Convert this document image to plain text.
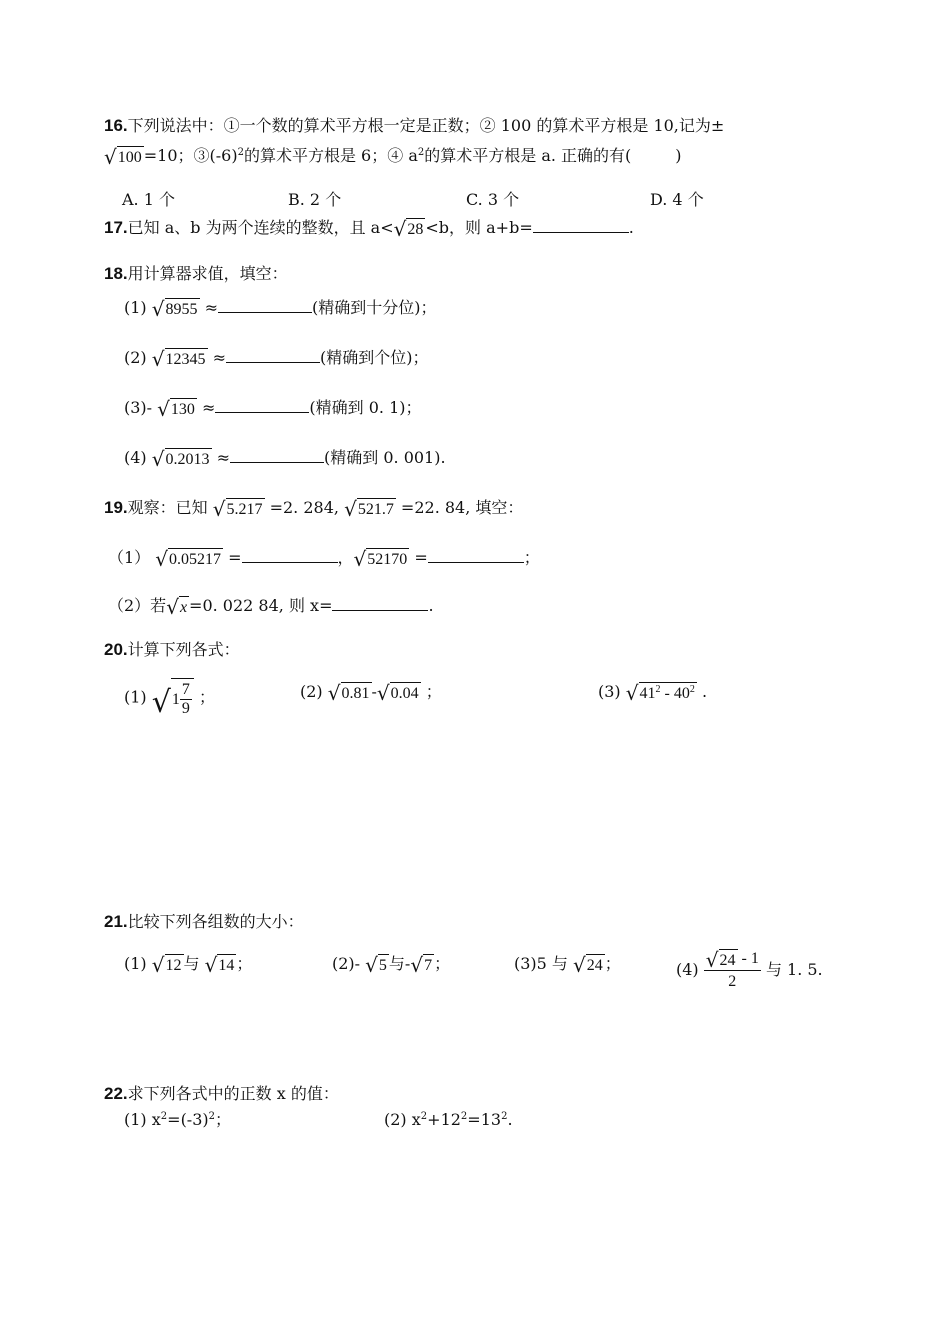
16.下列说法中：①一个数的算术平方根一定是正数；② 100 的算术平方根是 10,记为±
√ 100 =10；$③(-6)^2$的算术平方根是 6；④ $a^2$的算术平方根是 a. 正确的有(	)
A. 1 个	B. 2 个	C. 3 个	D. 4 个
17.已知 a、b 为两个连续的整数，且 a< √ 28 <b，则 a+b=	.
18.用计算器求值，填空：
(1) √ 8955 ≈	(精确到十分位)；
(2) √ 12345 ≈	(精确到个位)；
(3)- √ 130 ≈	(精确到 0. 1)；
(4) √ 0.2013 ≈	(精确到 0. 001).
19.观察：已知 √ 5.217 =2. 284, √ 521.7 =22. 84, 填空：
（1） √ 0.05217 =	， √ 52170 =	；
（2）若 √ x =0. 022 84, 则 x=	.
20.计算下列各式：
(1) √ $1 \frac{7}{9}$ ；	(2) √ 0.81 - √ 0.04 ；	(3) √ $41^2 - 40^2$ .
21.比较下列各组数的大小：
(1) √ 12 与 √ 14 ；	(2)- √ 5 与- √ 7 ；	(3)5 与 √ 24 ；	$(4) \frac{√ 24 - 1}{2}$ 与 1. 5.
22.求下列各式中的正数 x 的值：
(1) $x^2=(-3)^2$；	(2) $x^2+12^2=13^2$.
